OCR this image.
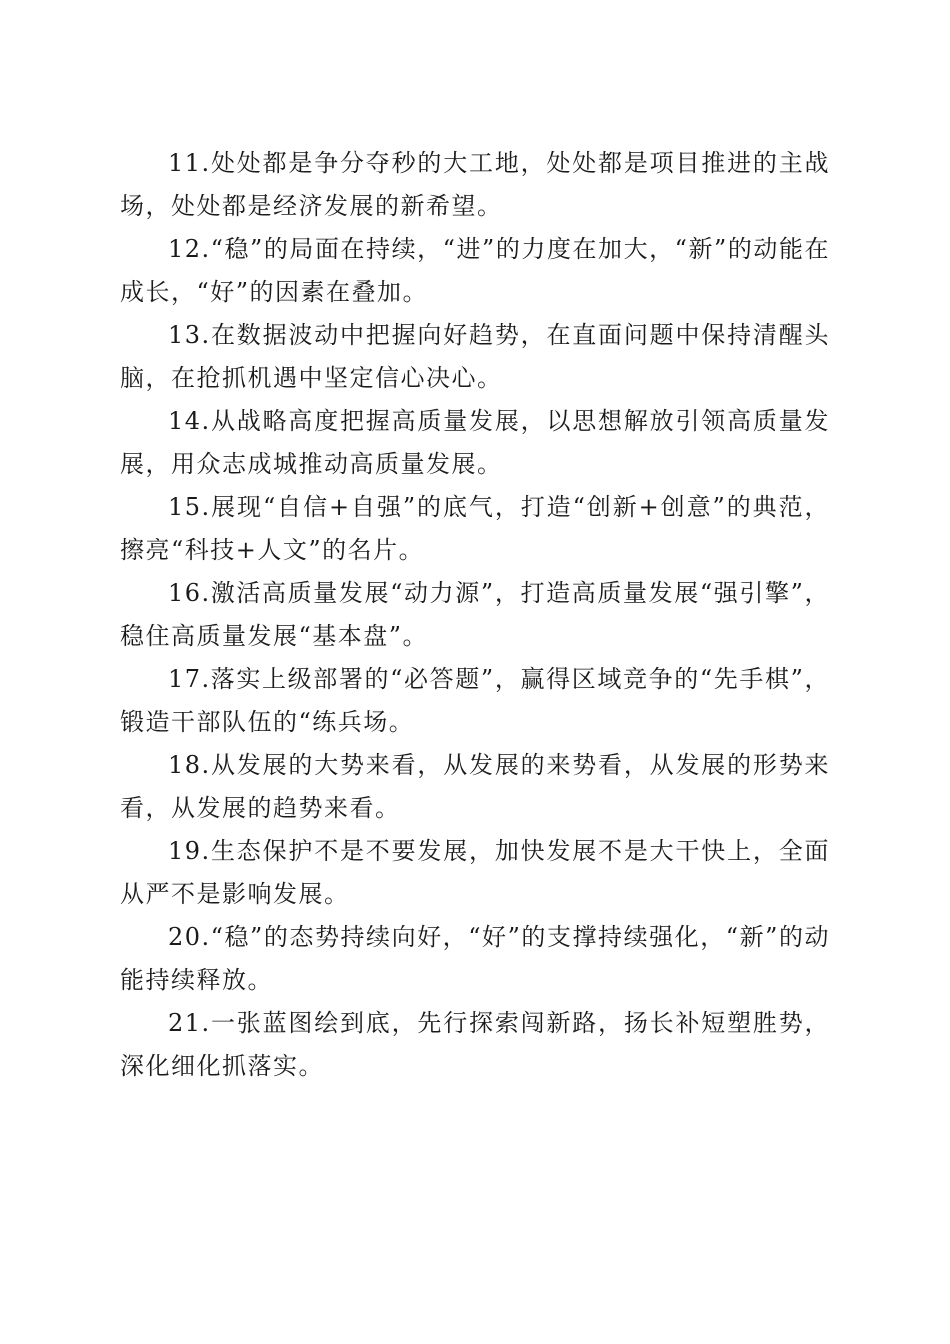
11.处处都是争分夺秒的大工地，处处都是项目推进的主战场，处处都是经济发展的新希望。

12.“稳”的局面在持续，“进”的力度在加大，“新”的动能在成长，“好”的因素在叠加。

13.在数据波动中把握向好趋势，在直面问题中保持清醒头脑，在抢抓机遇中坚定信心决心。

14.从战略高度把握高质量发展，以思想解放引领高质量发展，用众志成城推动高质量发展。

15.展现“自信+自强”的底气，打造“创新+创意”的典范，擦亮“科技+人文”的名片。

16.激活高质量发展“动力源”，打造高质量发展“强引擎”，稳住高质量发展“基本盘”。

17.落实上级部署的“必答题”，赢得区域竞争的“先手棋”，锻造干部队伍的“练兵场。

18.从发展的大势来看，从发展的来势看，从发展的形势来看，从发展的趋势来看。

19.生态保护不是不要发展，加快发展不是大干快上，全面从严不是影响发展。

20.“稳”的态势持续向好，“好”的支撑持续强化，“新”的动能持续释放。

21.一张蓝图绘到底，先行探索闯新路，扬长补短塑胜势，深化细化抓落实。
